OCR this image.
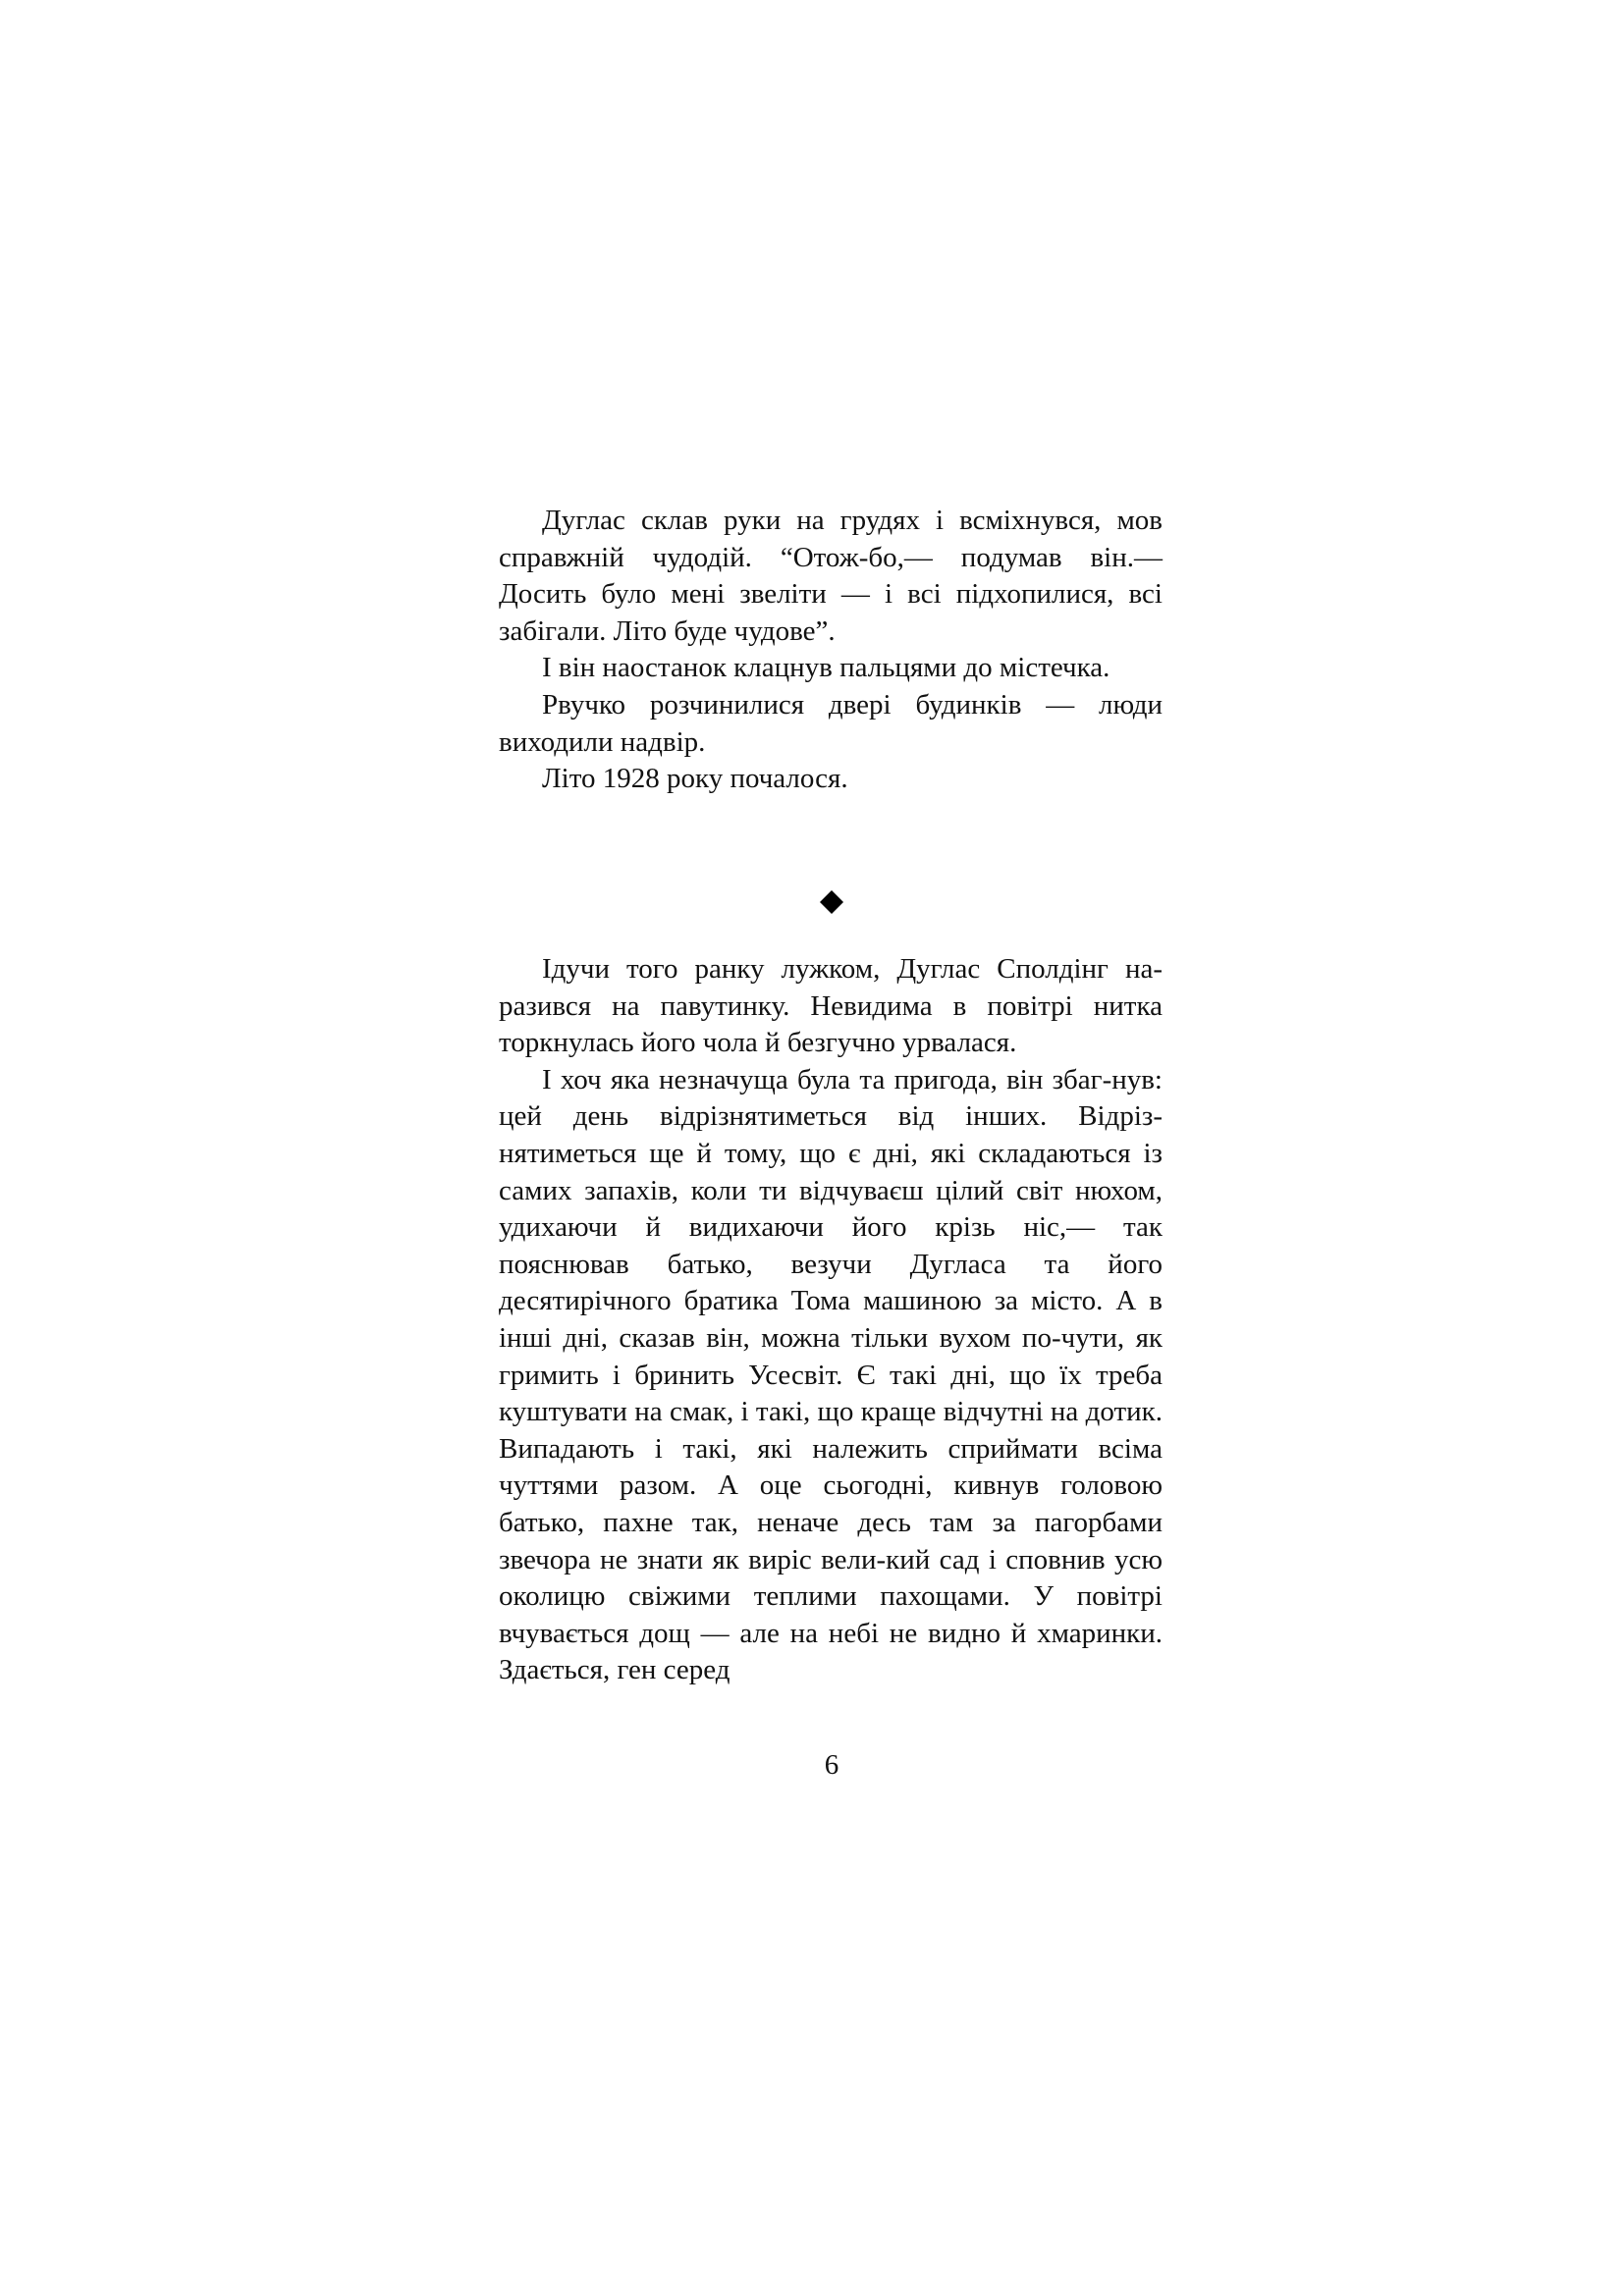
Дуглас склав руки на грудях і всміхнувся, мов справжній чудодій. “Отож-бо,— подумав він.— Досить було мені звеліти — і всі підхопилися, всі забігали. Літо буде чудове”.

І він наостанок клацнув пальцями до містечка.

Рвучко розчинилися двері будинків — люди виходили надвір.

Літо 1928 року почалося.

Ідучи того ранку лужком, Дуглас Сполдінг на-разився на павутинку. Невидима в повітрі нитка торкнулась його чола й безгучно урвалася.

І хоч яка незначуща була та пригода, він збаг-нув: цей день відрізнятиметься від інших. Відріз-нятиметься ще й тому, що є дні, які складаються із самих запахів, коли ти відчуваєш цілий світ нюхом, удихаючи й видихаючи його крізь ніс,— так пояснював батько, везучи Дугласа та його десятирічного братика Тома машиною за місто. А в інші дні, сказав він, можна тільки вухом по-чути, як гримить і бринить Усесвіт. Є такі дні, що їх треба куштувати на смак, і такі, що краще відчутні на дотик. Випадають і такі, які належить сприймати всіма чуттями разом. А оце сьогодні, кивнув головою батько, пахне так, неначе десь там за пагорбами звечора не знати як виріс вели-кий сад і сповнив усю околицю свіжими теплими пахощами. У повітрі вчувається дощ — але на небі не видно й хмаринки. Здається, ген серед

6
